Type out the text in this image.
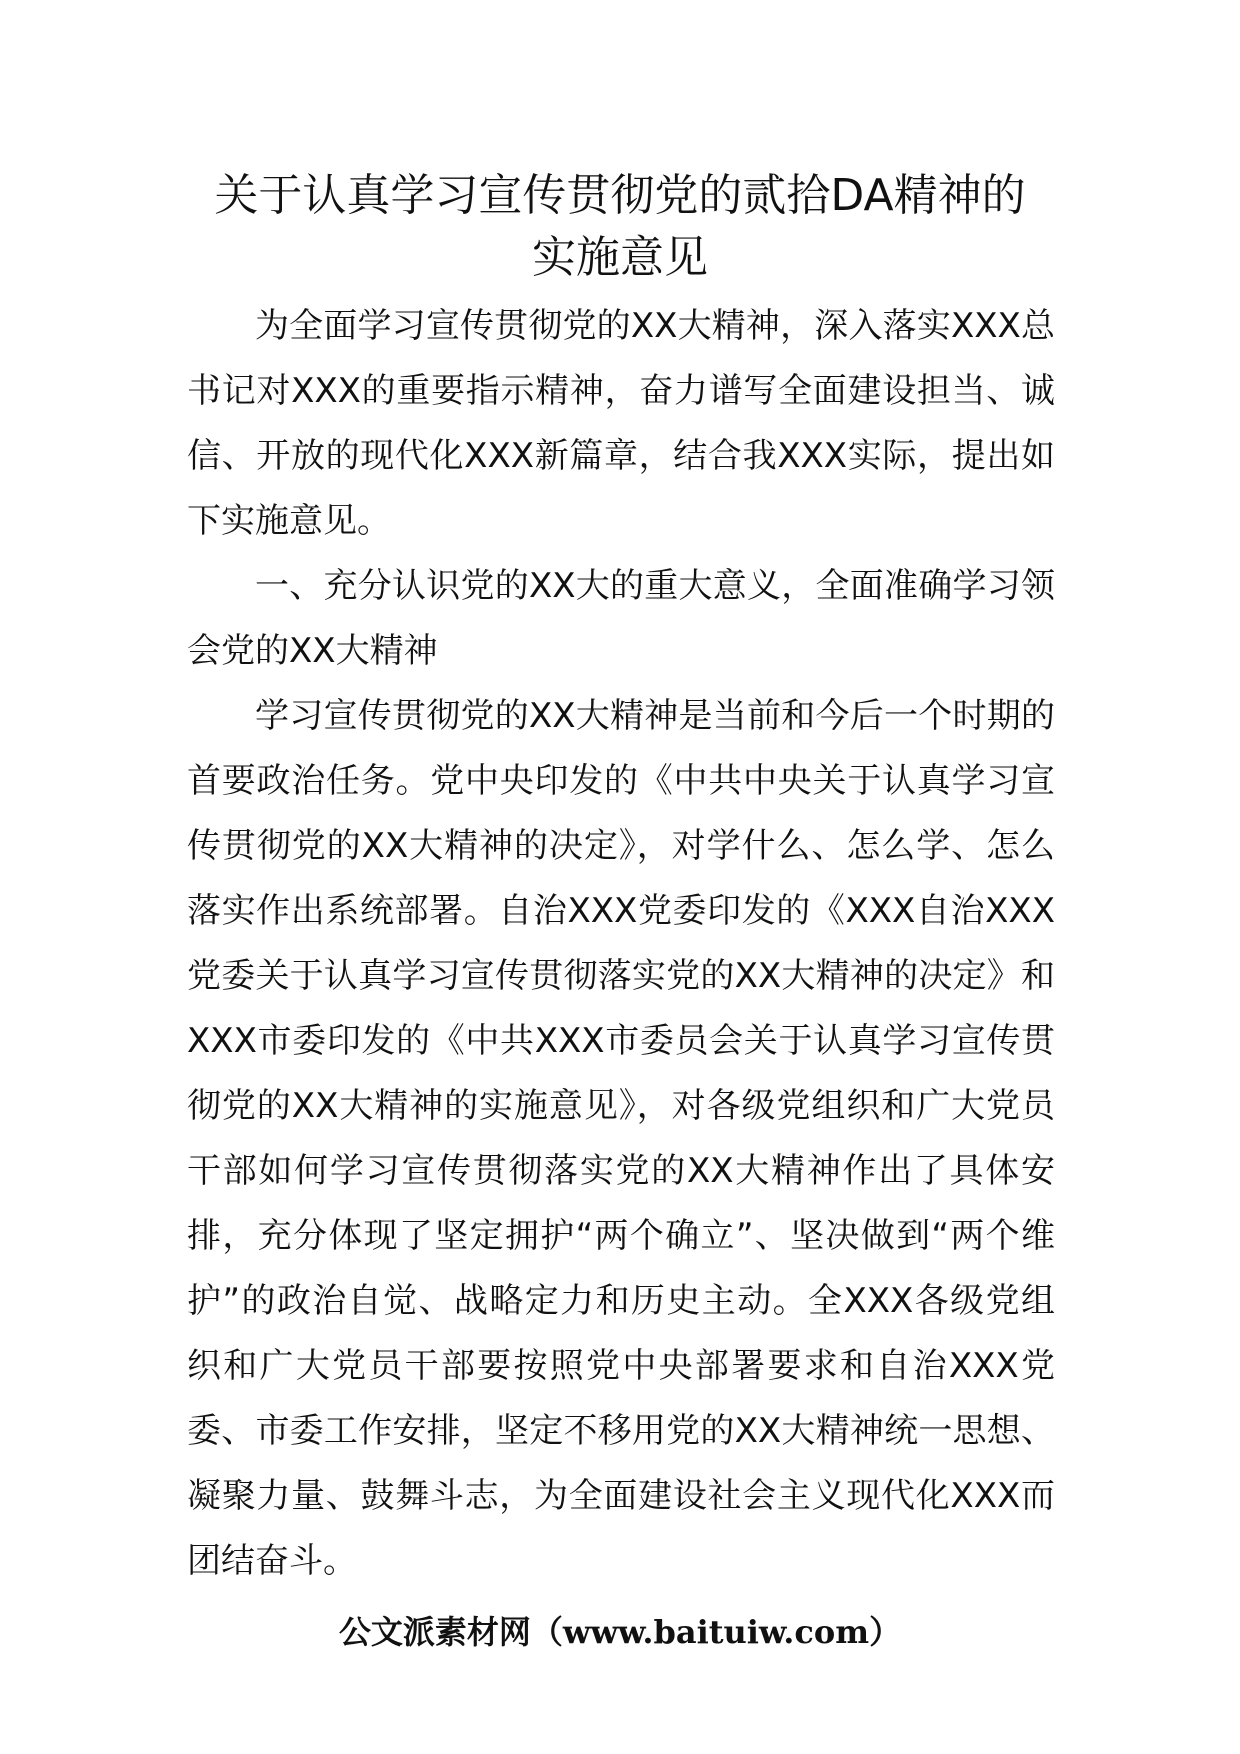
关于认真学习宣传贯彻党的贰拾DA精神的
实施意见

为全面学习宣传贯彻党的XX大精神，深入落实XXX总书记对XXX的重要指示精神，奋力谱写全面建设担当、诚信、开放的现代化XXX新篇章，结合我XXX实际，提出如下实施意见。

一、充分认识党的XX大的重大意义，全面准确学习领会党的XX大精神

学习宣传贯彻党的XX大精神是当前和今后一个时期的首要政治任务。党中央印发的《中共中央关于认真学习宣传贯彻党的XX大精神的决定》，对学什么、怎么学、怎么落实作出系统部署。自治XXX党委印发的《XXX自治XXX党委关于认真学习宣传贯彻落实党的XX大精神的决定》和XXX市委印发的《中共XXX市委员会关于认真学习宣传贯彻党的XX大精神的实施意见》，对各级党组织和广大党员干部如何学习宣传贯彻落实党的XX大精神作出了具体安排，充分体现了坚定拥护“两个确立”、坚决做到“两个维护”的政治自觉、战略定力和历史主动。全XXX各级党组织和广大党员干部要按照党中央部署要求和自治XXX党委、市委工作安排，坚定不移用党的XX大精神统一思想、凝聚力量、鼓舞斗志，为全面建设社会主义现代化XXX而团结奋斗。

公文派素材网（www.baituiw.com）
